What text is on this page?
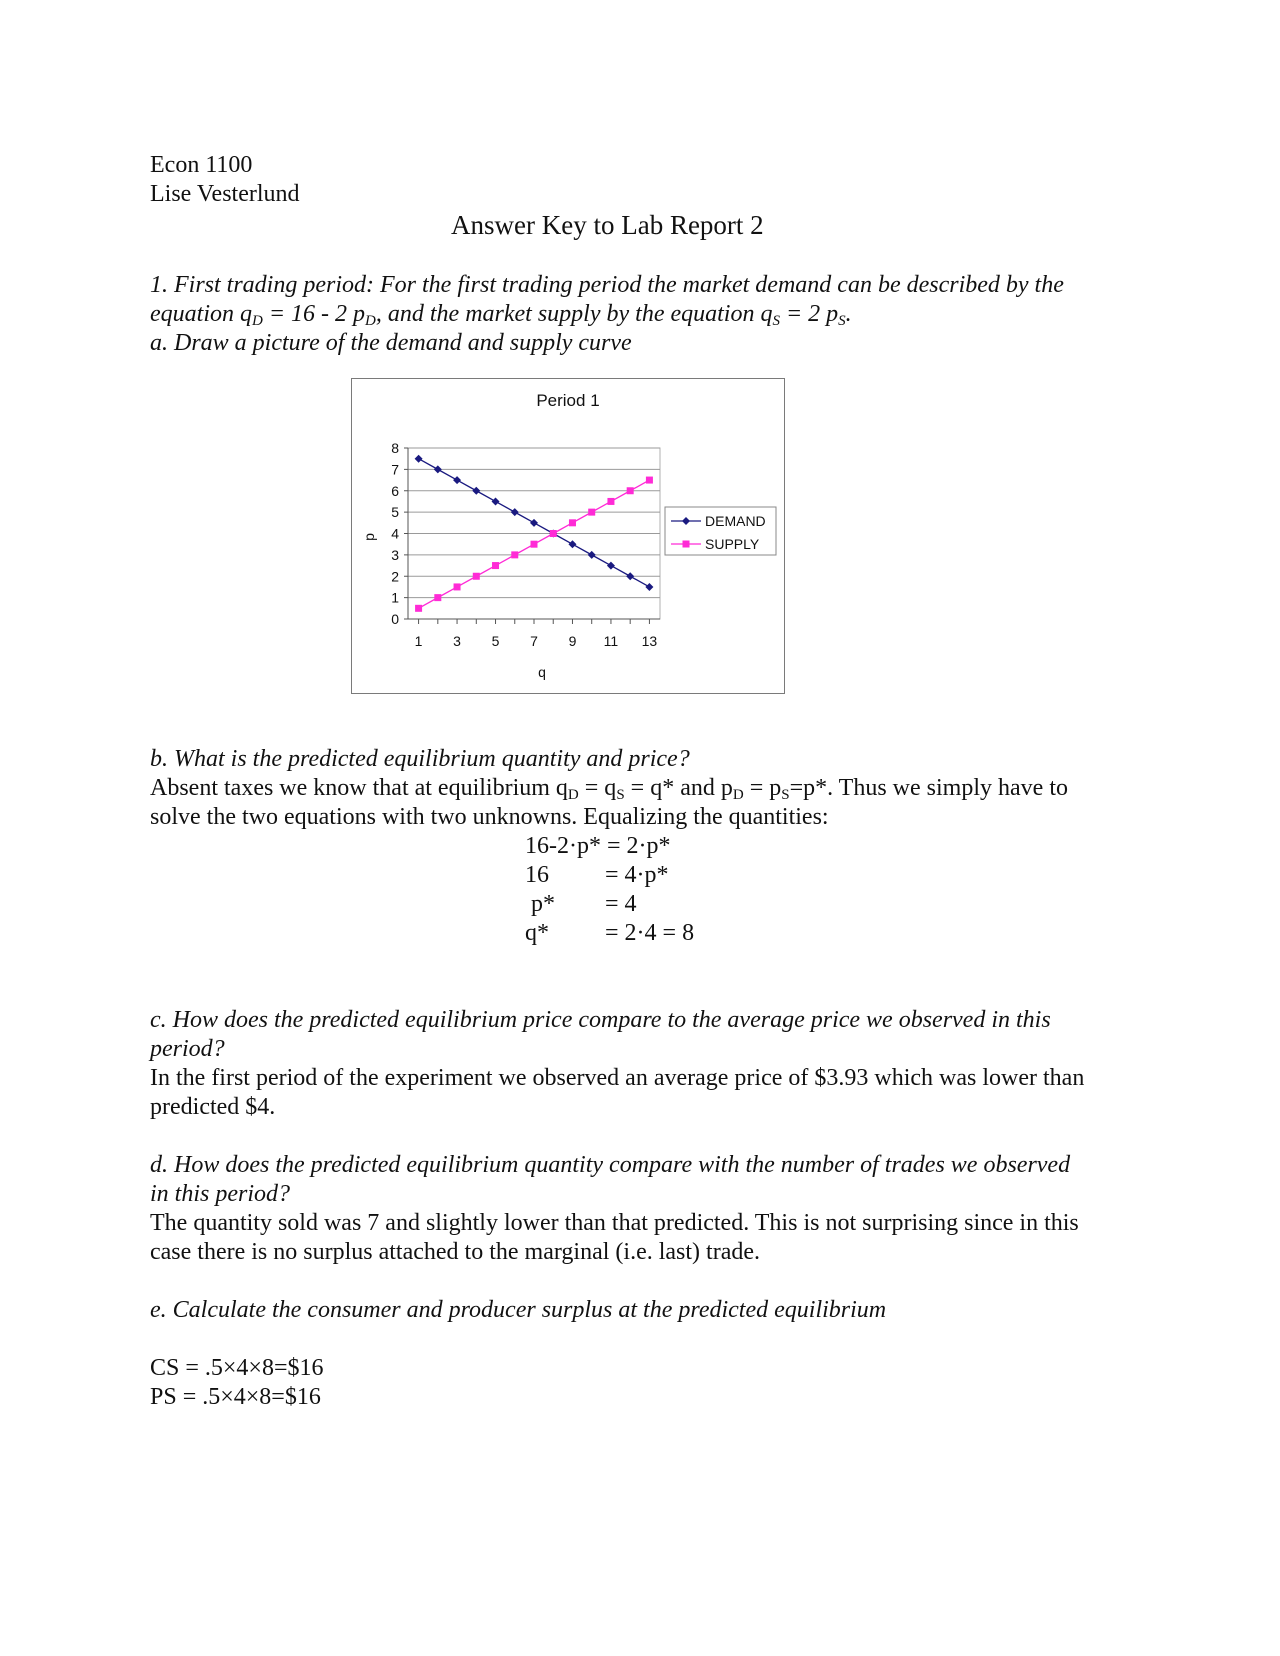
Econ 1100
Lise Vesterlund
Answer Key to Lab Report 2
1. First trading period: For the first trading period the market demand can be described by the
equation $q_D = 16 - 2$ $p_D$, and the market supply by the equation $q_S = 2$ $p_S$.
a. Draw a picture of the demand and supply curve
Period 1
0
1
2
3
4
5
6
7
8
1 3 5 7 9 11 13
DEMAND
SUPPLY
q
p
b. What is the predicted equilibrium quantity and price?
Absent taxes we know that at equilibrium $q_D = q_S = q*$ and $p_D = p_S=p*$. Thus we simply have to
solve the two equations with two unknowns. Equalizing the quantities:
16-2·p* = 2·p*
16 = 4·p*
p* = 4
q* = 2·4 = 8
c. How does the predicted equilibrium price compare to the average price we observed in this
period?
In the first period of the experiment we observed an average price of $3.93 which was lower than
predicted $4.
d. How does the predicted equilibrium quantity compare with the number of trades we observed
in this period?
The quantity sold was 7 and slightly lower than that predicted. This is not surprising since in this
case there is no surplus attached to the marginal (i.e. last) trade.
e. Calculate the consumer and producer surplus at the predicted equilibrium
CS = .5×4×8=$16
PS = .5×4×8=$16
